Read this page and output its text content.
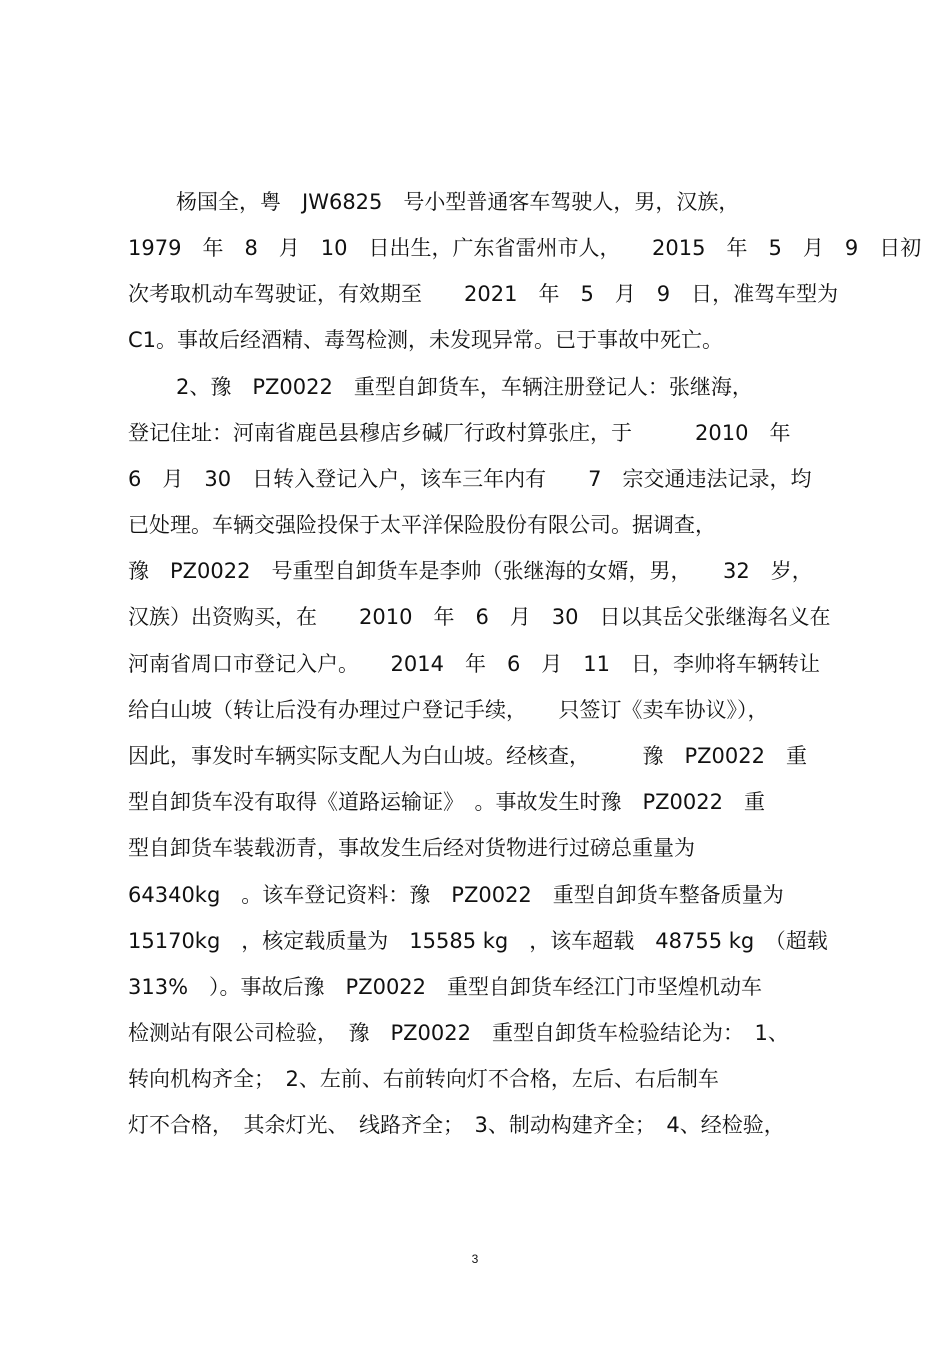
杨国全，粤　JW6825　号小型普通客车驾驶人，男，汉族，
1979　年　8　月　10　日出生，广东省雷州市人，　　2015　年　5　月　9　日初
次考取机动车驾驶证，有效期至　　2021　年　5　月　9　日，准驾车型为
C1。事故后经酒精、毒驾检测，未发现异常。已于事故中死亡。
2、豫　PZ0022　重型自卸货车，车辆注册登记人：张继海，
登记住址：河南省鹿邑县穆店乡碱厂行政村算张庄，于　　　2010　年
6　月　30　日转入登记入户，该车三年内有　　7　宗交通违法记录，均
已处理。车辆交强险投保于太平洋保险股份有限公司。据调查，
豫　PZ0022　号重型自卸货车是李帅（张继海的女婿，男，　　32　岁，
汉族）出资购买，在　　2010　年　6　月　30　日以其岳父张继海名义在
河南省周口市登记入户。　　2014　年　6　月　11　日，李帅将车辆转让
给白山坡（转让后没有办理过户登记手续，　　只签订《卖车协议》），
因此，事发时车辆实际支配人为白山坡。经核查，　　　豫　PZ0022　重
型自卸货车没有取得《道路运输证》　。事故发生时豫　PZ0022　重
型自卸货车装载沥青，事故发生后经对货物进行过磅总重量为
64340kg　。该车登记资料：豫　PZ0022　重型自卸货车整备质量为
15170kg　，核定载质量为　15585 kg　，该车超载　48755 kg　（超载
313%　）。事故后豫　PZ0022　重型自卸货车经江门市坚煌机动车
检测站有限公司检验，　豫　PZ0022　重型自卸货车检验结论为：　1、
转向机构齐全；　2、左前、右前转向灯不合格，左后、右后制车
灯不合格，　其余灯光、　线路齐全；　3、制动构建齐全；　4、经检验，
3
